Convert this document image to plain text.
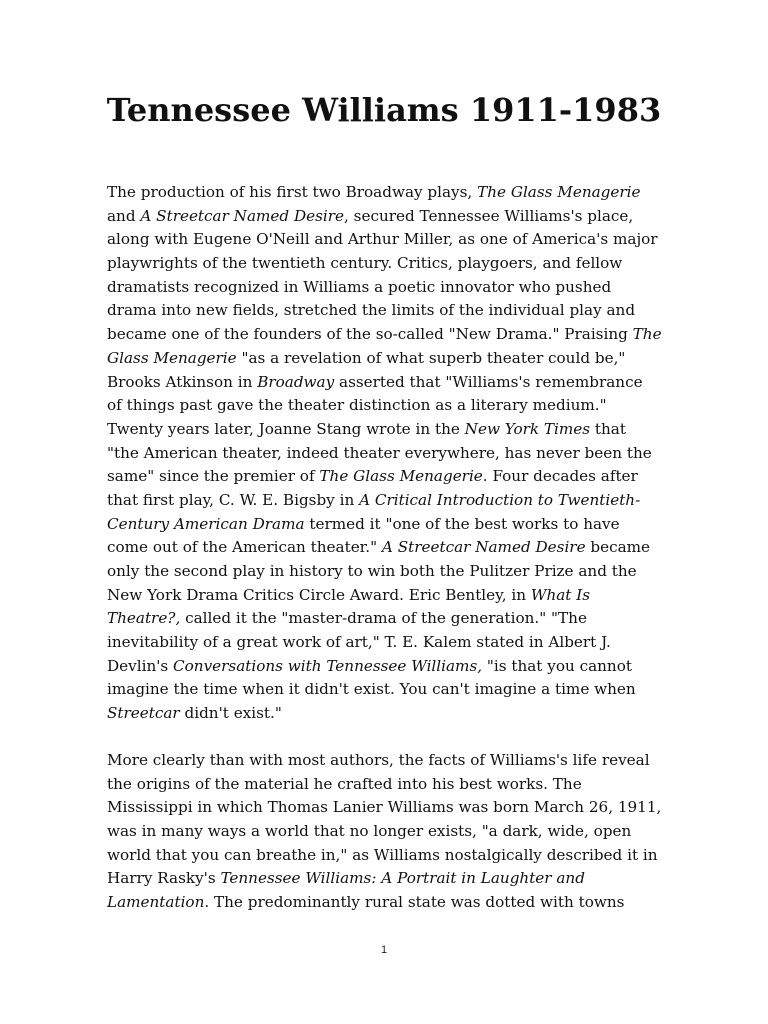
Tennessee Williams 1911-1983

The production of his first two Broadway plays, The Glass Menagerie
and A Streetcar Named Desire, secured Tennessee Williams's place,
along with Eugene O'Neill and Arthur Miller, as one of America's major
playwrights of the twentieth century. Critics, playgoers, and fellow
dramatists recognized in Williams a poetic innovator who pushed
drama into new fields, stretched the limits of the individual play and
became one of the founders of the so-called "New Drama." Praising The
Glass Menagerie "as a revelation of what superb theater could be,"
Brooks Atkinson in Broadway asserted that "Williams's remembrance
of things past gave the theater distinction as a literary medium."
Twenty years later, Joanne Stang wrote in the New York Times that
"the American theater, indeed theater everywhere, has never been the
same" since the premier of The Glass Menagerie. Four decades after
that first play, C. W. E. Bigsby in A Critical Introduction to Twentieth-
Century American Drama termed it "one of the best works to have
come out of the American theater." A Streetcar Named Desire became
only the second play in history to win both the Pulitzer Prize and the
New York Drama Critics Circle Award. Eric Bentley, in What Is
Theatre?, called it the "master-drama of the generation." "The
inevitability of a great work of art," T. E. Kalem stated in Albert J.
Devlin's Conversations with Tennessee Williams, "is that you cannot
imagine the time when it didn't exist. You can't imagine a time when
Streetcar didn't exist."

More clearly than with most authors, the facts of Williams's life reveal
the origins of the material he crafted into his best works. The
Mississippi in which Thomas Lanier Williams was born March 26, 1911,
was in many ways a world that no longer exists, "a dark, wide, open
world that you can breathe in," as Williams nostalgically described it in
Harry Rasky's Tennessee Williams: A Portrait in Laughter and
Lamentation. The predominantly rural state was dotted with towns

1
